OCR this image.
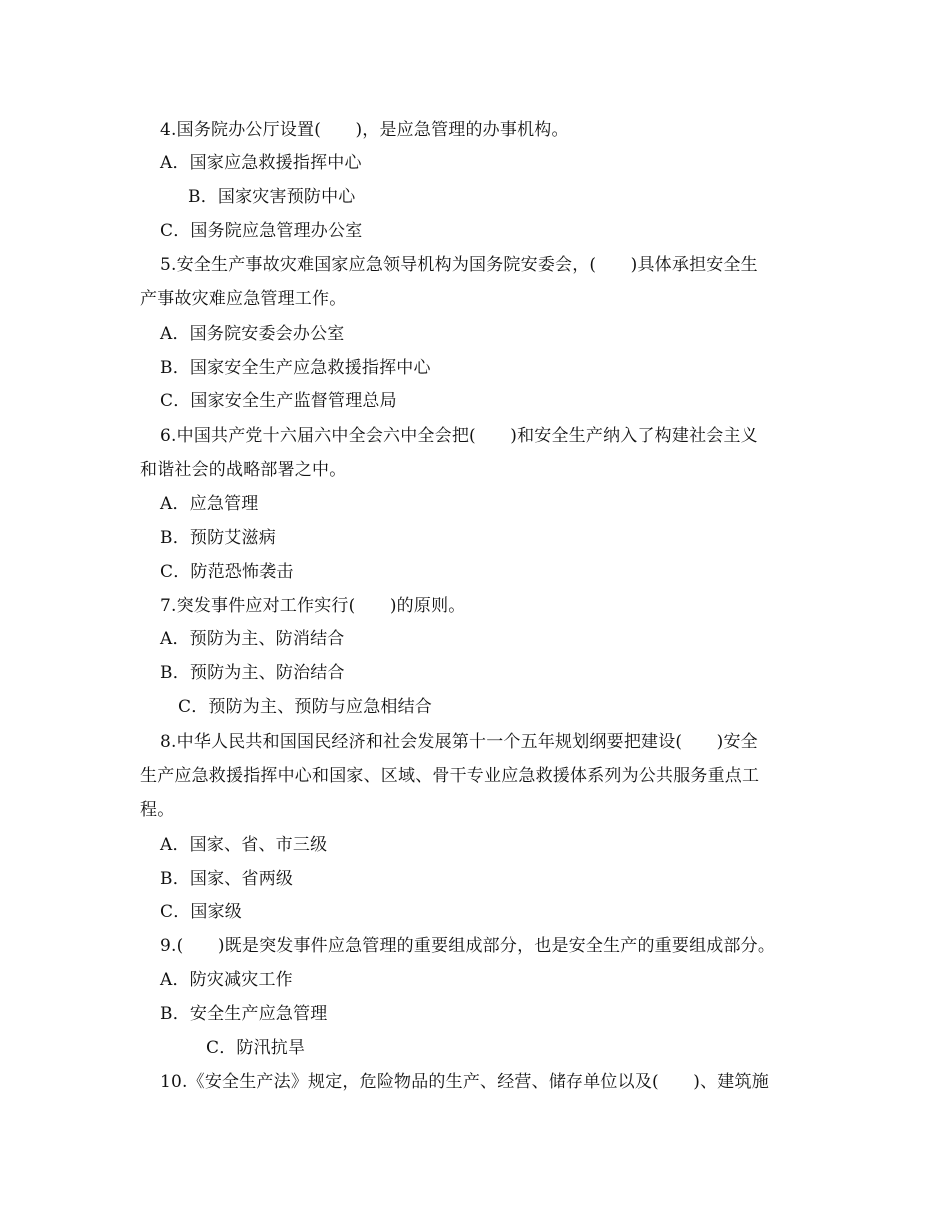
4.国务院办公厅设置(　　)，是应急管理的办事机构。
A．国家应急救援指挥中心
B．国家灾害预防中心
C．国务院应急管理办公室
5.安全生产事故灾难国家应急领导机构为国务院安委会，(　　)具体承担安全生
产事故灾难应急管理工作。
A．国务院安委会办公室
B．国家安全生产应急救援指挥中心
C．国家安全生产监督管理总局
6.中国共产党十六届六中全会六中全会把(　　)和安全生产纳入了构建社会主义
和谐社会的战略部署之中。
A．应急管理
B．预防艾滋病
C．防范恐怖袭击
7.突发事件应对工作实行(　　)的原则。
A．预防为主、防消结合
B．预防为主、防治结合
C．预防为主、预防与应急相结合
8.中华人民共和国国民经济和社会发展第十一个五年规划纲要把建设(　　)安全
生产应急救援指挥中心和国家、区域、骨干专业应急救援体系列为公共服务重点工
程。
A．国家、省、市三级
B．国家、省两级
C．国家级
9.(　　)既是突发事件应急管理的重要组成部分，也是安全生产的重要组成部分。
A．防灾减灾工作
B．安全生产应急管理
C．防汛抗旱
10.《安全生产法》规定，危险物品的生产、经营、储存单位以及(　　)、建筑施
